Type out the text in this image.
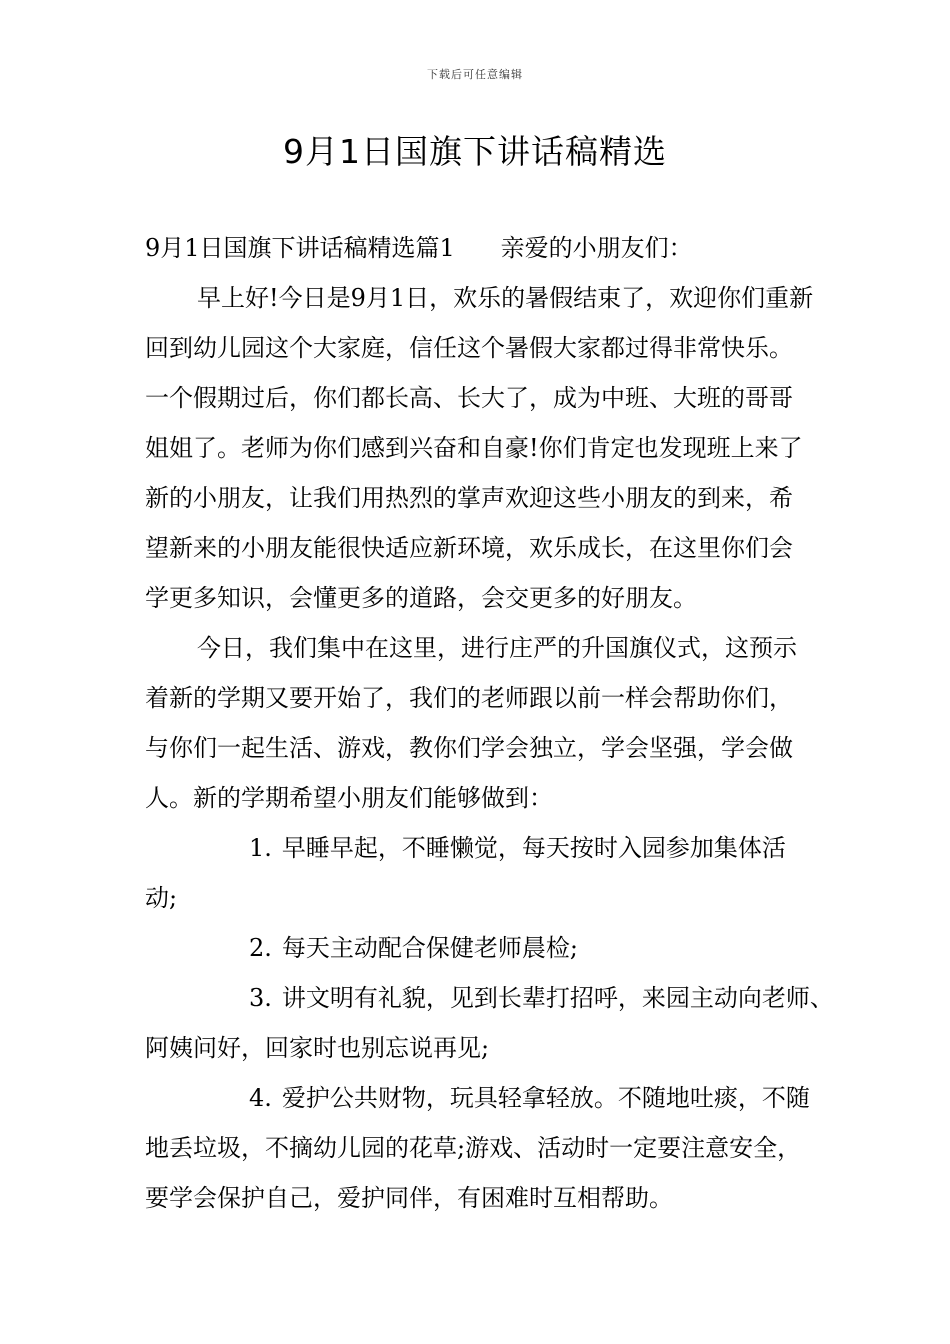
下载后可任意编辑
9月1日国旗下讲话稿精选

9月1日国旗下讲话稿精选篇1 亲爱的小朋友们：

早上好!今日是9月1日，欢乐的暑假结束了，欢迎你们重新回到幼儿园这个大家庭，信任这个暑假大家都过得非常快乐。一个假期过后，你们都长高、长大了，成为中班、大班的哥哥姐姐了。老师为你们感到兴奋和自豪!你们肯定也发现班上来了新的小朋友，让我们用热烈的掌声欢迎这些小朋友的到来，希望新来的小朋友能很快适应新环境，欢乐成长，在这里你们会学更多知识，会懂更多的道路，会交更多的好朋友。

今日，我们集中在这里，进行庄严的升国旗仪式，这预示着新的学期又要开始了，我们的老师跟以前一样会帮助你们，与你们一起生活、游戏，教你们学会独立，学会坚强，学会做人。新的学期希望小朋友们能够做到：

1. 早睡早起，不睡懒觉，每天按时入园参加集体活动;

2. 每天主动配合保健老师晨检;

3. 讲文明有礼貌，见到长辈打招呼，来园主动向老师、阿姨问好，回家时也别忘说再见;

4. 爱护公共财物，玩具轻拿轻放。不随地吐痰，不随地丢垃圾，不摘幼儿园的花草;游戏、活动时一定要注意安全，要学会保护自己，爱护同伴，有困难时互相帮助。
